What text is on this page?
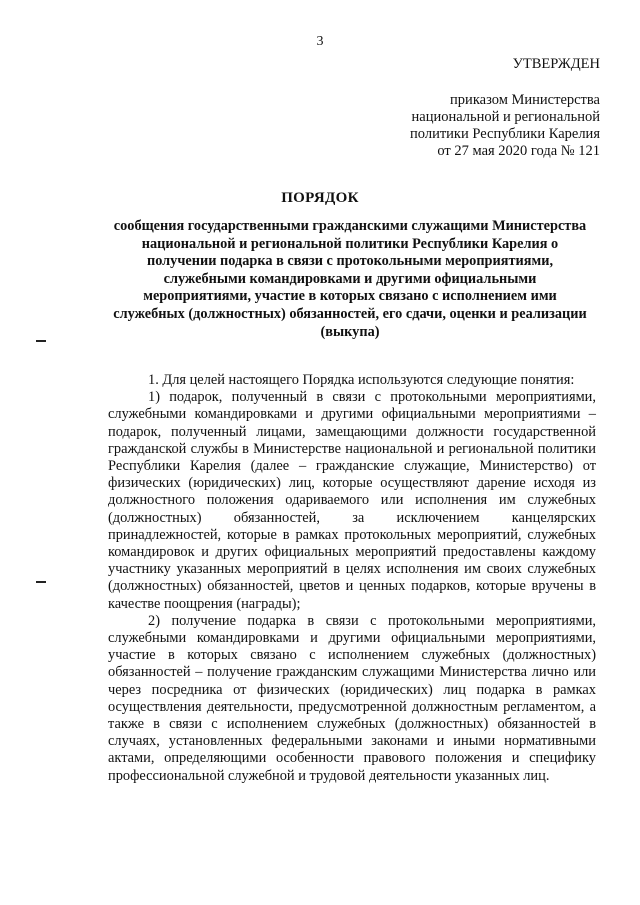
3
УТВЕРЖДЕН
приказом Министерства
национальной и региональной
политики Республики Карелия
от 27 мая 2020 года № 121
ПОРЯДОК
сообщения государственными гражданскими служащими Министерства национальной и региональной политики Республики Карелия о получении подарка в связи с протокольными мероприятиями, служебными командировками и другими официальными мероприятиями, участие в которых связано с исполнением ими служебных (должностных) обязанностей, его сдачи, оценки и реализации (выкупа)

1. Для целей настоящего Порядка используются следующие понятия:

1) подарок, полученный в связи с протокольными мероприятиями, служебными командировками и другими официальными мероприятиями – подарок, полученный лицами, замещающими должности государственной гражданской службы в Министерстве национальной и региональной политики Республики Карелия (далее – гражданские служащие, Министерство) от физических (юридических) лиц, которые осуществляют дарение исходя из должностного положения одариваемого или исполнения им служебных (должностных) обязанностей, за исключением канцелярских принадлежностей, которые в рамках протокольных мероприятий, служебных командировок и других официальных мероприятий предоставлены каждому участнику указанных мероприятий в целях исполнения им своих служебных (должностных) обязанностей, цветов и ценных подарков, которые вручены в качестве поощрения (награды);

2) получение подарка в связи с протокольными мероприятиями, служебными командировками и другими официальными мероприятиями, участие в которых связано с исполнением служебных (должностных) обязанностей – получение гражданским служащими Министерства лично или через посредника от физических (юридических) лиц подарка в рамках осуществления деятельности, предусмотренной должностным регламентом, а также в связи с исполнением служебных (должностных) обязанностей в случаях, установленных федеральными законами и иными нормативными актами, определяющими особенности правового положения и специфику профессиональной служебной и трудовой деятельности указанных лиц.
